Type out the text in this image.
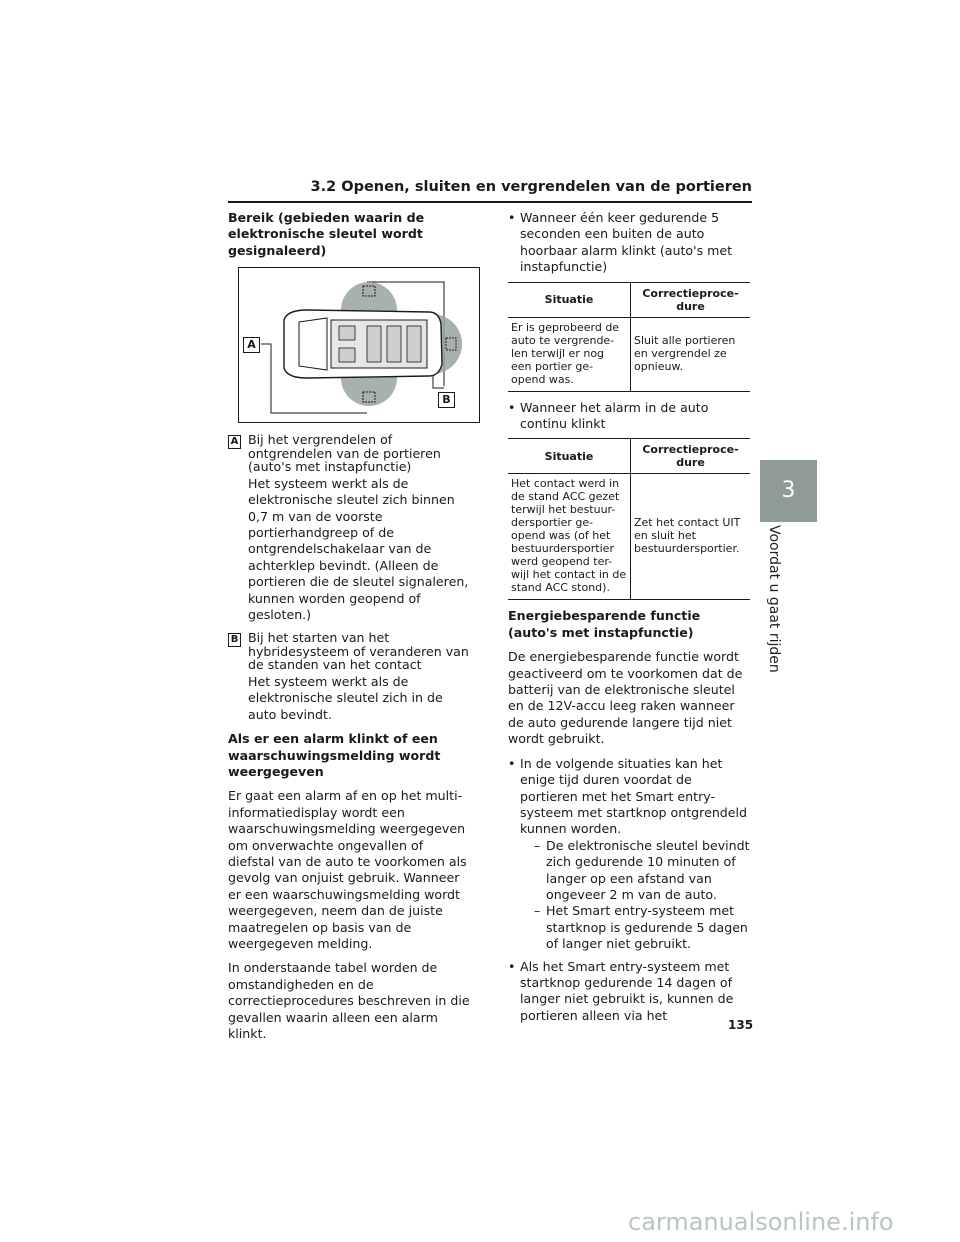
3.2 Openen, sluiten en vergrendelen van de portieren
Bereik (gebieden waarin de elektronische sleutel wordt gesignaleerd)
A
B
A Bij het vergrendelen of ontgrendelen van de portieren (auto's met instapfunctie)
Het systeem werkt als de elektronische sleutel zich binnen 0,7 m van de voorste portierhandgreep of de ontgrendelschakelaar van de achterklep bevindt. (Alleen de portieren die de sleutel signaleren, kunnen worden geopend of gesloten.)
B Bij het starten van het hybridesysteem of veranderen van de standen van het contact
Het systeem werkt als de elektronische sleutel zich in de auto bevindt.
Als er een alarm klinkt of een waarschuwingsmelding wordt weergegeven

Er gaat een alarm af en op het multi-informatiedisplay wordt een waarschuwingsmelding weergegeven om onverwachte ongevallen of diefstal van de auto te voorkomen als gevolg van onjuist gebruik. Wanneer er een waarschuwingsmelding wordt weergegeven, neem dan de juiste maatregelen op basis van de weergegeven melding.

In onderstaande tabel worden de omstandigheden en de correctieprocedures beschreven in die gevallen waarin alleen een alarm klinkt.

• Wanneer één keer gedurende 5 seconden een buiten de auto hoorbaar alarm klinkt (auto's met instapfunctie)
Situatie	Correctieproce- dure
Er is geprobeerd de auto te vergrende- len terwijl er nog een portier ge- opend was.	Sluit alle portieren en vergrendel ze opnieuw.
• Wanneer het alarm in de auto continu klinkt
Situatie	Correctieproce- dure
Het contact werd in de stand ACC gezet terwijl het bestuur- dersportier ge- opend was (of het bestuurdersportier werd geopend ter- wijl het contact in de stand ACC stond).	Zet het contact UIT en sluit het bestuurdersportier.
Energiebesparende functie (auto's met instapfunctie)

De energiebesparende functie wordt geactiveerd om te voorkomen dat de batterij van de elektronische sleutel en de 12V-accu leeg raken wanneer de auto gedurende langere tijd niet wordt gebruikt.

• In de volgende situaties kan het enige tijd duren voordat de portieren met het Smart entry-systeem met startknop ontgrendeld kunnen worden.
– De elektronische sleutel bevindt zich gedurende 10 minuten of langer op een afstand van ongeveer 2 m van de auto.
– Het Smart entry-systeem met startknop is gedurende 5 dagen of langer niet gebruikt.
• Als het Smart entry-systeem met startknop gedurende 14 dagen of langer niet gebruikt is, kunnen de portieren alleen via het
3
Voordat u gaat rijden
135
carmanualsonline.info
